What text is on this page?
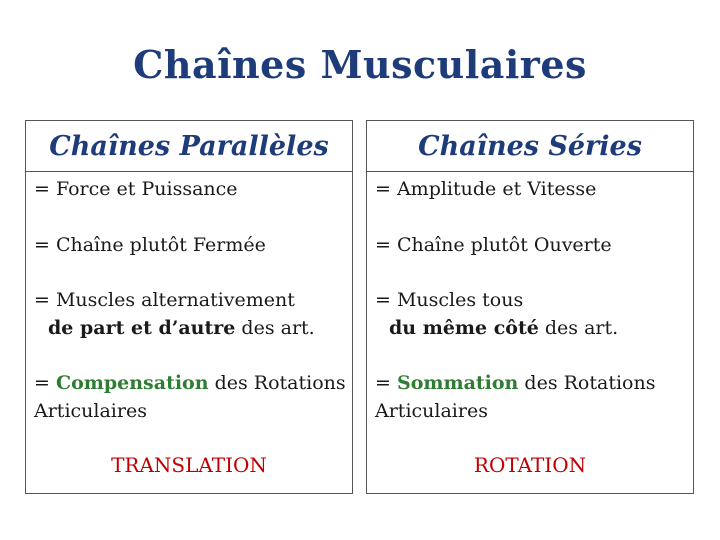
Chaînes Musculaires
Chaînes Parallèles
= Force et Puissance
= Chaîne plutôt Fermée
= Muscles alternativement
de part et d’autre des art.
= Compensation des Rotations
Articulaires
TRANSLATION
Chaînes Séries
= Amplitude et Vitesse
= Chaîne plutôt Ouverte
= Muscles tous
du même côté des art.
= Sommation des Rotations
Articulaires
ROTATION
